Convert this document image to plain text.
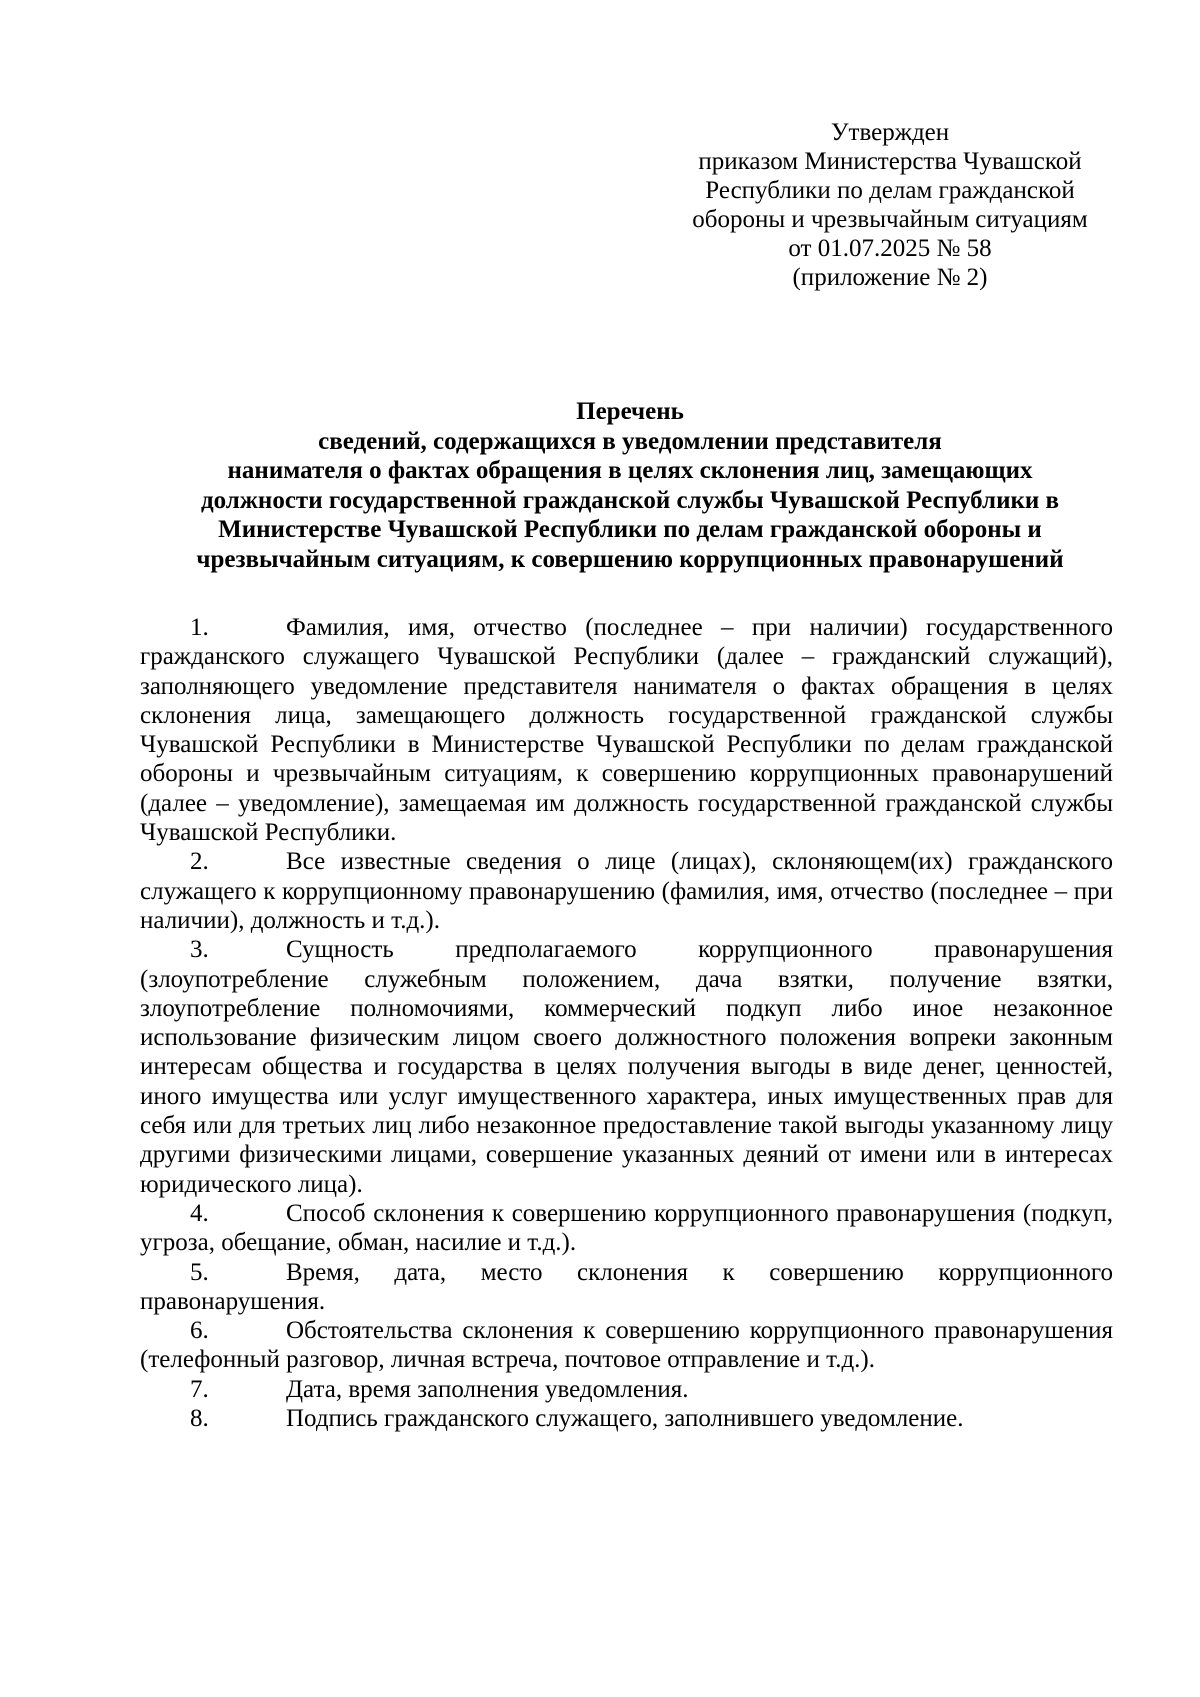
Утвержден
приказом Министерства Чувашской
Республики по делам гражданской
обороны и чрезвычайным ситуациям
от 01.07.2025 № 58
(приложение № 2)
Перечень
сведений, содержащихся в уведомлении представителя
нанимателя о фактах обращения в целях склонения лиц, замещающих
должности государственной гражданской службы Чувашской Республики в
Министерстве Чувашской Республики по делам гражданской обороны и
чрезвычайным ситуациям, к совершению коррупционных правонарушений

1.	Фамилия, имя, отчество (последнее – при наличии) государственного гражданского служащего Чувашской Республики (далее – гражданский служащий), заполняющего уведомление представителя нанимателя о фактах обращения в целях склонения лица, замещающего должность государственной гражданской службы Чувашской Республики в Министерстве Чувашской Республики по делам гражданской обороны и чрезвычайным ситуациям, к совершению коррупционных правонарушений (далее – уведомление), замещаемая им должность государственной гражданской службы Чувашской Республики.

2.	Все известные сведения о лице (лицах), склоняющем(их) гражданского служащего к коррупционному правонарушению (фамилия, имя, отчество (последнее – при наличии), должность и т.д.).

3.	Сущность предполагаемого коррупционного правонарушения (злоупотребление служебным положением, дача взятки, получение взятки, злоупотребление полномочиями, коммерческий подкуп либо иное незаконное использование физическим лицом своего должностного положения вопреки законным интересам общества и государства в целях получения выгоды в виде денег, ценностей, иного имущества или услуг имущественного характера, иных имущественных прав для себя или для третьих лиц либо незаконное предоставление такой выгоды указанному лицу другими физическими лицами, совершение указанных деяний от имени или в интересах юридического лица).

4.	Способ склонения к совершению коррупционного правонарушения (подкуп, угроза, обещание, обман, насилие и т.д.).

5.	Время, дата, место склонения к совершению коррупционного правонарушения.

6.	Обстоятельства склонения к совершению коррупционного правонарушения (телефонный разговор, личная встреча, почтовое отправление и т.д.).

7.	Дата, время заполнения уведомления.

8.	Подпись гражданского служащего, заполнившего уведомление.
